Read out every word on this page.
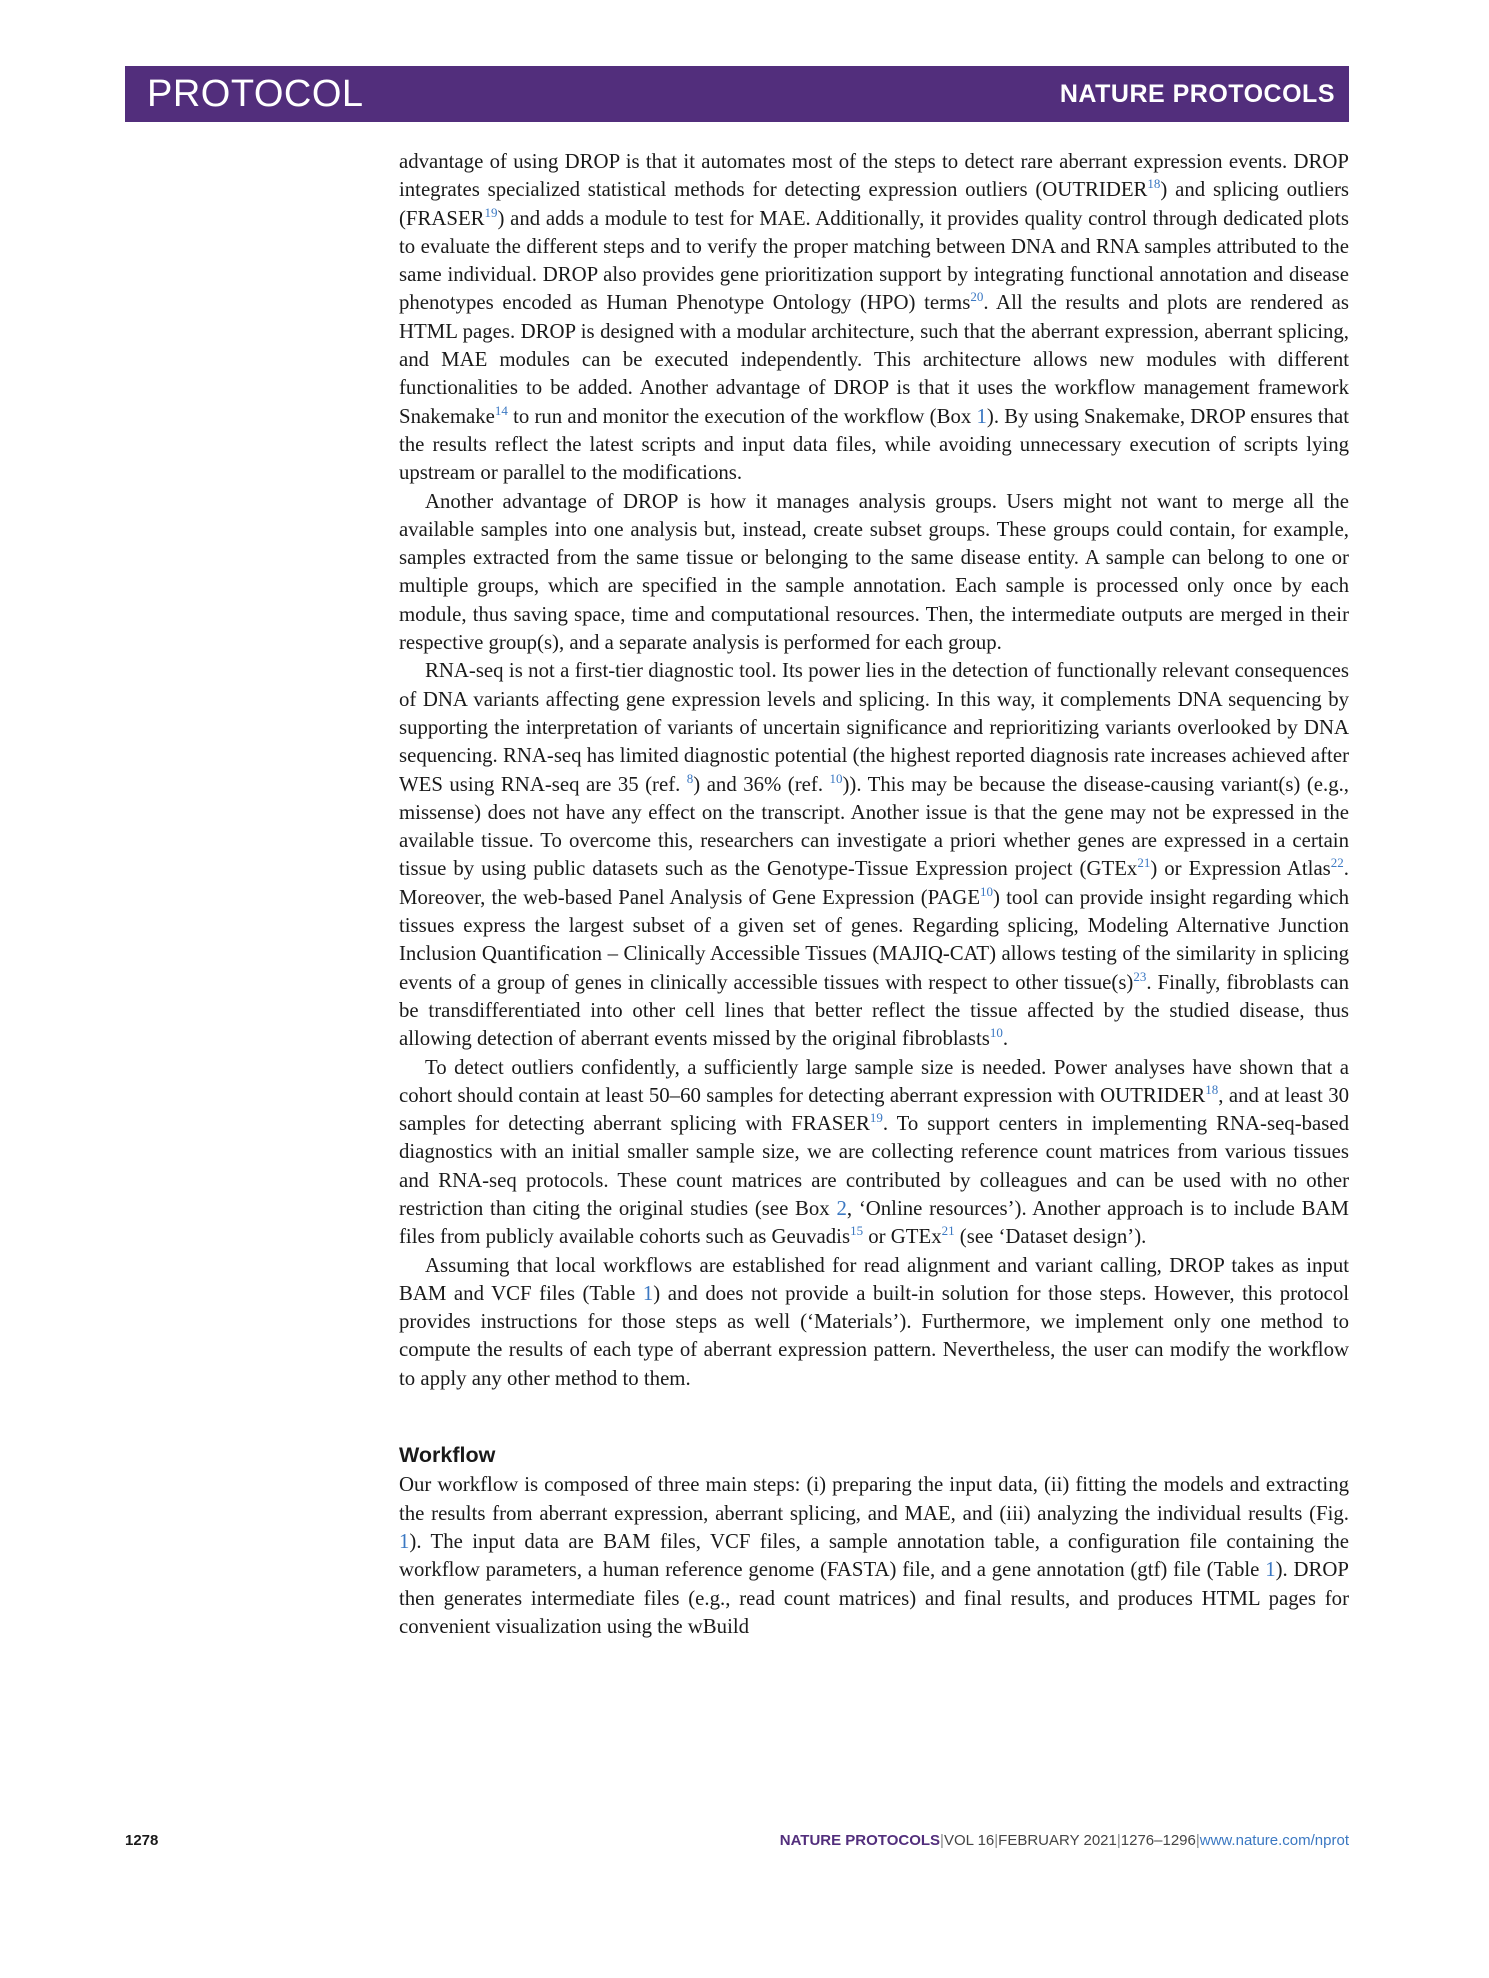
PROTOCOL	NATURE PROTOCOLS

advantage of using DROP is that it automates most of the steps to detect rare aberrant expression events. DROP integrates specialized statistical methods for detecting expression outliers (OUTRIDER$^{18}$) and splicing outliers (FRASER$^{19}$) and adds a module to test for MAE. Additionally, it provides quality control through dedicated plots to evaluate the different steps and to verify the proper matching between DNA and RNA samples attributed to the same individual. DROP also provides gene prioritization support by integrating functional annotation and disease phenotypes encoded as Human Phenotype Ontology (HPO) terms$^{20}$. All the results and plots are rendered as HTML pages. DROP is designed with a modular architecture, such that the aberrant expression, aberrant splicing, and MAE modules can be executed independently. This architecture allows new modules with different functionalities to be added. Another advantage of DROP is that it uses the workflow management framework Snakemake$^{14}$ to run and monitor the execution of the workflow (Box 1). By using Snakemake, DROP ensures that the results reflect the latest scripts and input data files, while avoiding unnecessary execution of scripts lying upstream or parallel to the modifications.

Another advantage of DROP is how it manages analysis groups. Users might not want to merge all the available samples into one analysis but, instead, create subset groups. These groups could contain, for example, samples extracted from the same tissue or belonging to the same disease entity. A sample can belong to one or multiple groups, which are specified in the sample annotation. Each sample is processed only once by each module, thus saving space, time and computational resources. Then, the intermediate outputs are merged in their respective group(s), and a separate analysis is performed for each group.

RNA-seq is not a first-tier diagnostic tool. Its power lies in the detection of functionally relevant consequences of DNA variants affecting gene expression levels and splicing. In this way, it complements DNA sequencing by supporting the interpretation of variants of uncertain significance and reprioritizing variants overlooked by DNA sequencing. RNA-seq has limited diagnostic potential (the highest reported diagnosis rate increases achieved after WES using RNA-seq are 35 (ref. $^8$) and 36% (ref. $^{10}$)). This may be because the disease-causing variant(s) (e.g., missense) does not have any effect on the transcript. Another issue is that the gene may not be expressed in the available tissue. To overcome this, researchers can investigate a priori whether genes are expressed in a certain tissue by using public datasets such as the Genotype-Tissue Expression project (GTEx$^{21}$) or Expression Atlas$^{22}$. Moreover, the web-based Panel Analysis of Gene Expression (PAGE$^{10}$) tool can provide insight regarding which tissues express the largest subset of a given set of genes. Regarding splicing, Modeling Alternative Junction Inclusion Quantification – Clinically Accessible Tissues (MAJIQ-CAT) allows testing of the similarity in splicing events of a group of genes in clinically accessible tissues with respect to other tissue(s)$^{23}$. Finally, fibroblasts can be transdifferentiated into other cell lines that better reflect the tissue affected by the studied disease, thus allowing detection of aberrant events missed by the original fibroblasts$^{10}$.

To detect outliers confidently, a sufficiently large sample size is needed. Power analyses have shown that a cohort should contain at least 50–60 samples for detecting aberrant expression with OUTRIDER$^{18}$, and at least 30 samples for detecting aberrant splicing with FRASER$^{19}$. To support centers in implementing RNA-seq-based diagnostics with an initial smaller sample size, we are collecting reference count matrices from various tissues and RNA-seq protocols. These count matrices are contributed by colleagues and can be used with no other restriction than citing the original studies (see Box 2, ‘Online resources’). Another approach is to include BAM files from publicly available cohorts such as Geuvadis$^{15}$ or GTEx$^{21}$ (see ‘Dataset design’).

Assuming that local workflows are established for read alignment and variant calling, DROP takes as input BAM and VCF files (Table 1) and does not provide a built-in solution for those steps. However, this protocol provides instructions for those steps as well (‘Materials’). Furthermore, we implement only one method to compute the results of each type of aberrant expression pattern. Nevertheless, the user can modify the workflow to apply any other method to them.

Workflow

Our workflow is composed of three main steps: (i) preparing the input data, (ii) fitting the models and extracting the results from aberrant expression, aberrant splicing, and MAE, and (iii) analyzing the individual results (Fig. 1). The input data are BAM files, VCF files, a sample annotation table, a configuration file containing the workflow parameters, a human reference genome (FASTA) file, and a gene annotation (gtf) file (Table 1). DROP then generates intermediate files (e.g., read count matrices) and final results, and produces HTML pages for convenient visualization using the wBuild

1278	NATURE PROTOCOLS|VOL 16|FEBRUARY 2021|1276–1296|www.nature.com/nprot
